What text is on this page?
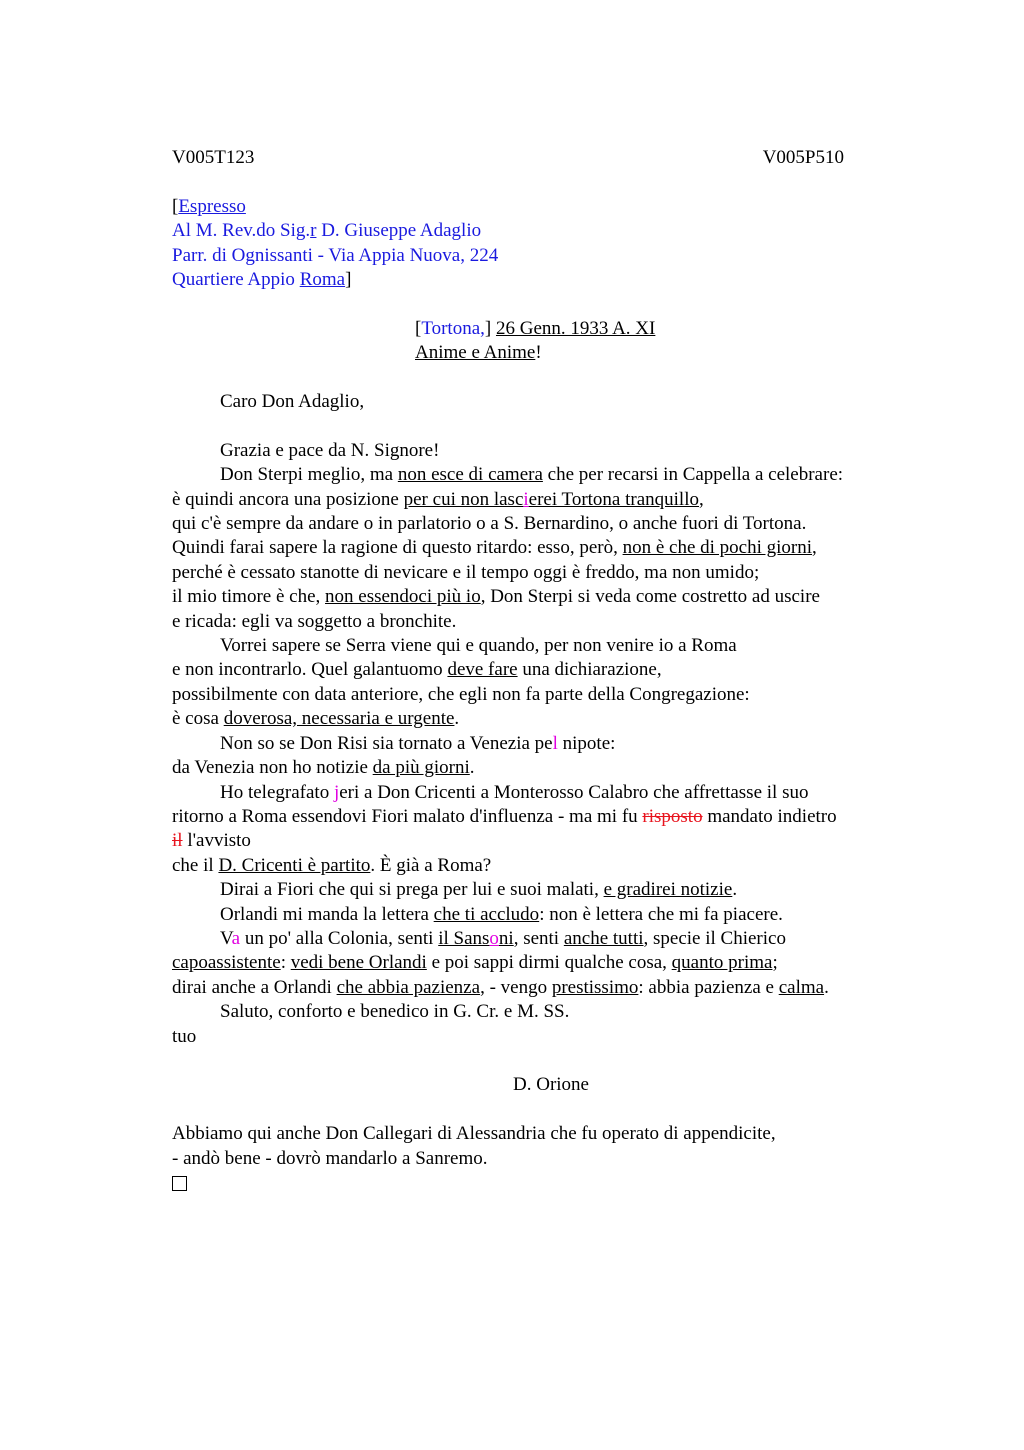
V005T123	V005P510
[Espresso
Al M. Rev.do Sig.r D. Giuseppe Adaglio
Parr. di Ognissanti - Via Appia Nuova, 224
Quartiere Appio Roma]
[Tortona,] 26 Genn. 1933 A. XI
Anime e Anime!
Caro Don Adaglio,
Grazia e pace da N. Signore!
Don Sterpi meglio, ma non esce di camera che per recarsi in Cappella a celebrare:
è quindi ancora una posizione per cui non lascierei Tortona tranquillo,
qui c'è sempre da andare o in parlatorio o a S. Bernardino, o anche fuori di Tortona.
Quindi farai sapere la ragione di questo ritardo: esso, però, non è che di pochi giorni,
perché è cessato stanotte di nevicare e il tempo oggi è freddo, ma non umido;
il mio timore è che, non essendoci più io, Don Sterpi si veda come costretto ad uscire
e ricada: egli va soggetto a bronchite.
Vorrei sapere se Serra viene qui e quando, per non venire io a Roma
e non incontrarlo. Quel galantuomo deve fare una dichiarazione,
possibilmente con data anteriore, che egli non fa parte della Congregazione:
è cosa doverosa, necessaria e urgente.
Non so se Don Risi sia tornato a Venezia pel nipote:
da Venezia non ho notizie da più giorni.
Ho telegrafato jeri a Don Cricenti a Monterosso Calabro che affrettasse il suo
ritorno a Roma essendovi Fiori malato d'influenza - ma mi fu risposto mandato indietro
il l'avvisto
che il D. Cricenti è partito. È già a Roma?
Dirai a Fiori che qui si prega per lui e suoi malati, e gradirei notizie.
Orlandi mi manda la lettera che ti accludo: non è lettera che mi fa piacere.
Va un po' alla Colonia, senti il Sansoni, senti anche tutti, specie il Chierico
capoassistente: vedi bene Orlandi e poi sappi dirmi qualche cosa, quanto prima;
dirai anche a Orlandi che abbia pazienza, - vengo prestissimo: abbia pazienza e calma.
Saluto, conforto e benedico in G. Cr. e M. SS.
tuo
D. Orione
Abbiamo qui anche Don Callegari di Alessandria che fu operato di appendicite,
- andò bene - dovrò mandarlo a Sanremo.
